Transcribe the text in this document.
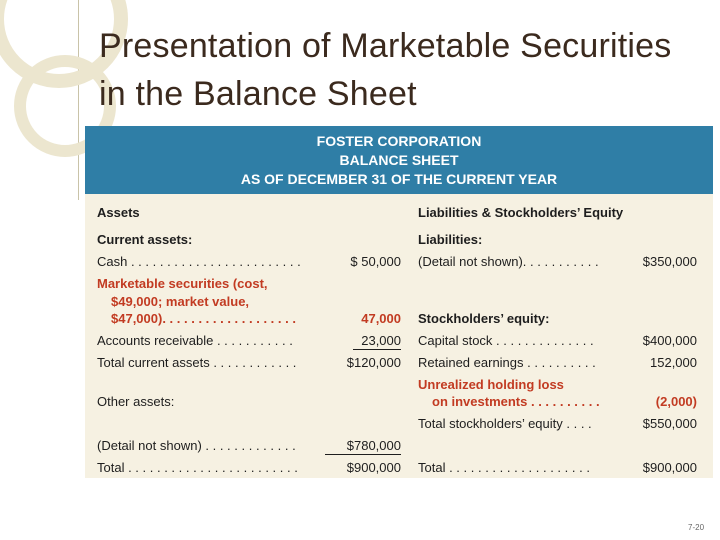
Presentation of Marketable Securities
in the Balance Sheet
FOSTER CORPORATION
BALANCE SHEET
AS OF DECEMBER 31 OF THE CURRENT YEAR
Assets
Current assets:
Cash . . . . . . . . . . . . . . . . . . . . . . . .	$ 50,000
Marketable securities (cost,
$49,000; market value,
$47,000). . . . . . . . . . . . . . . . . . .	47,000
Accounts receivable . . . . . . . . . . .	23,000
Total current assets . . . . . . . . . . . .	$120,000
Other assets:
(Detail not shown) . . . . . . . . . . . . .	$780,000
Total . . . . . . . . . . . . . . . . . . . . . . . .	$900,000
Liabilities & Stockholders’ Equity
Liabilities:
(Detail not shown). . . . . . . . . . .	$350,000
Stockholders’ equity:
Capital stock . . . . . . . . . . . . . .	$400,000
Retained earnings . . . . . . . . . .	152,000
Unrealized holding loss
on investments . . . . . . . . . .	(2,000)
Total stockholders’ equity . . . .	$550,000
Total . . . . . . . . . . . . . . . . . . . .	$900,000
7-20
